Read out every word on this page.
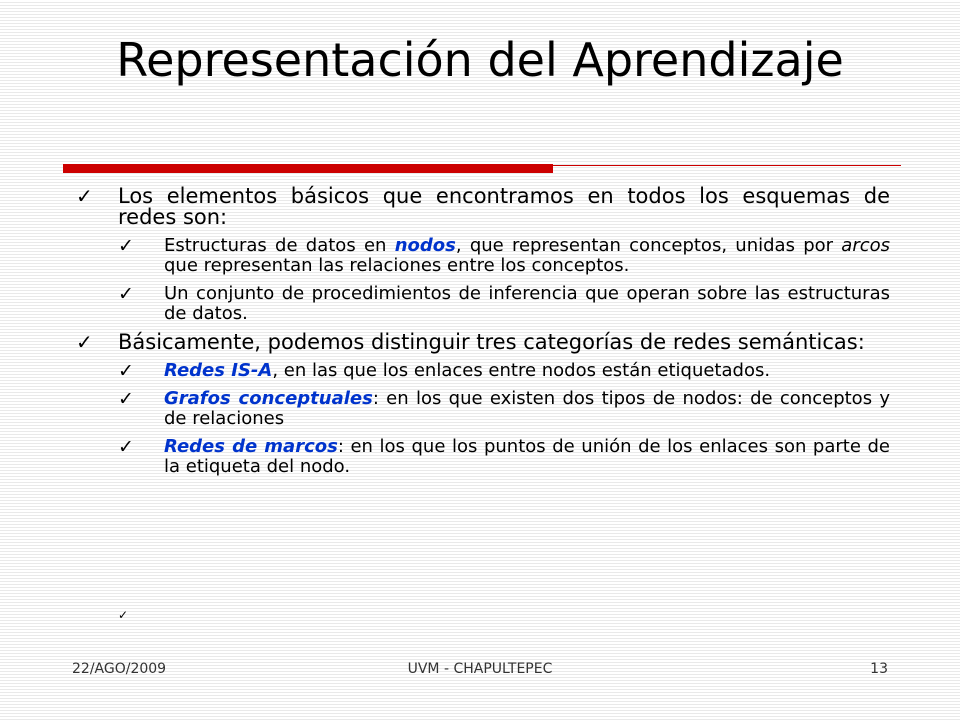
Representación del Aprendizaje
✓ Los elementos básicos que encontramos en todos los esquemas de redes son:
✓ Estructuras de datos en nodos, que representan conceptos, unidas por arcos que representan las relaciones entre los conceptos.
✓ Un conjunto de procedimientos de inferencia que operan sobre las estructuras de datos.
✓ Básicamente, podemos distinguir tres categorías de redes semánticas:
✓ Redes IS-A, en las que los enlaces entre nodos están etiquetados.
✓ Grafos conceptuales: en los que existen dos tipos de nodos: de conceptos y de relaciones
✓ Redes de marcos: en los que los puntos de unión de los enlaces son parte de la etiqueta del nodo.
✓
22/AGO/2009	UVM - CHAPULTEPEC	13
